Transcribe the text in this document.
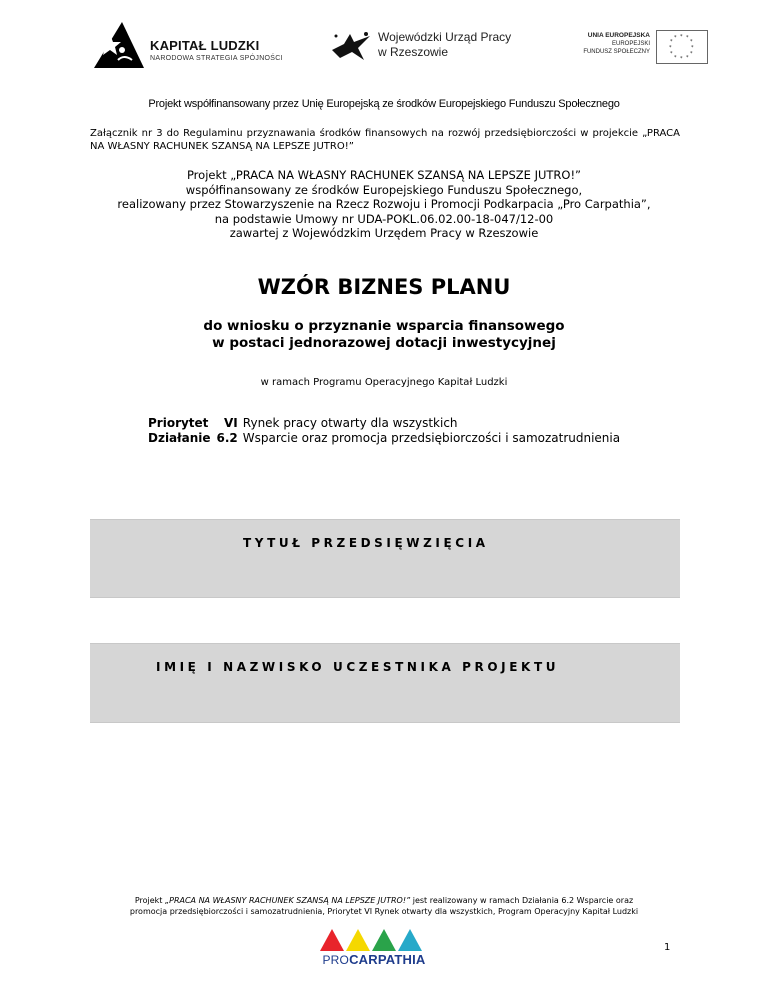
KAPITAŁ LUDZKI
NARODOWA STRATEGIA SPÓJNOŚCI
Wojewódzki Urząd Pracy
w Rzeszowie
UNIA EUROPEJSKA
EUROPEJSKI
FUNDUSZ SPOŁECZNY
* *
*
*
*
*
*
*
*
*
*
*
Projekt współfinansowany przez Unię Europejską ze środków Europejskiego Funduszu Społecznego
Załącznik nr 3 do Regulaminu przyznawania środków finansowych na rozwój przedsiębiorczości w projekcie „PRACA NA WŁASNY RACHUNEK SZANSĄ NA LEPSZE JUTRO!”
Projekt „PRACA NA WŁASNY RACHUNEK SZANSĄ NA LEPSZE JUTRO!”
współfinansowany ze środków Europejskiego Funduszu Społecznego,
realizowany przez Stowarzyszenie na Rzecz Rozwoju i Promocji Podkarpacia „Pro Carpathia”,
na podstawie Umowy nr UDA-POKL.06.02.00-18-047/12-00
zawartej z Wojewódzkim Urzędem Pracy w Rzeszowie
WZÓR BIZNES PLANU
do wniosku o przyznanie wsparcia finansowego
w postaci jednorazowej dotacji inwestycyjnej
w ramach Programu Operacyjnego Kapitał Ludzki
Priorytet	VI	Rynek pracy otwarty dla wszystkich
Działanie	6.2	Wsparcie oraz promocja przedsiębiorczości i samozatrudnienia
TYTUŁ PRZEDSIĘWZIĘCIA
IMIĘ I NAZWISKO UCZESTNIKA PROJEKTU
Projekt „PRACA NA WŁASNY RACHUNEK SZANSĄ NA LEPSZE JUTRO!” jest realizowany w ramach Działania 6.2 Wsparcie oraz
promocja przedsiębiorczości i samozatrudnienia, Priorytet VI Rynek otwarty dla wszystkich, Program Operacyjny Kapitał Ludzki
PROCARPATHIA
1
